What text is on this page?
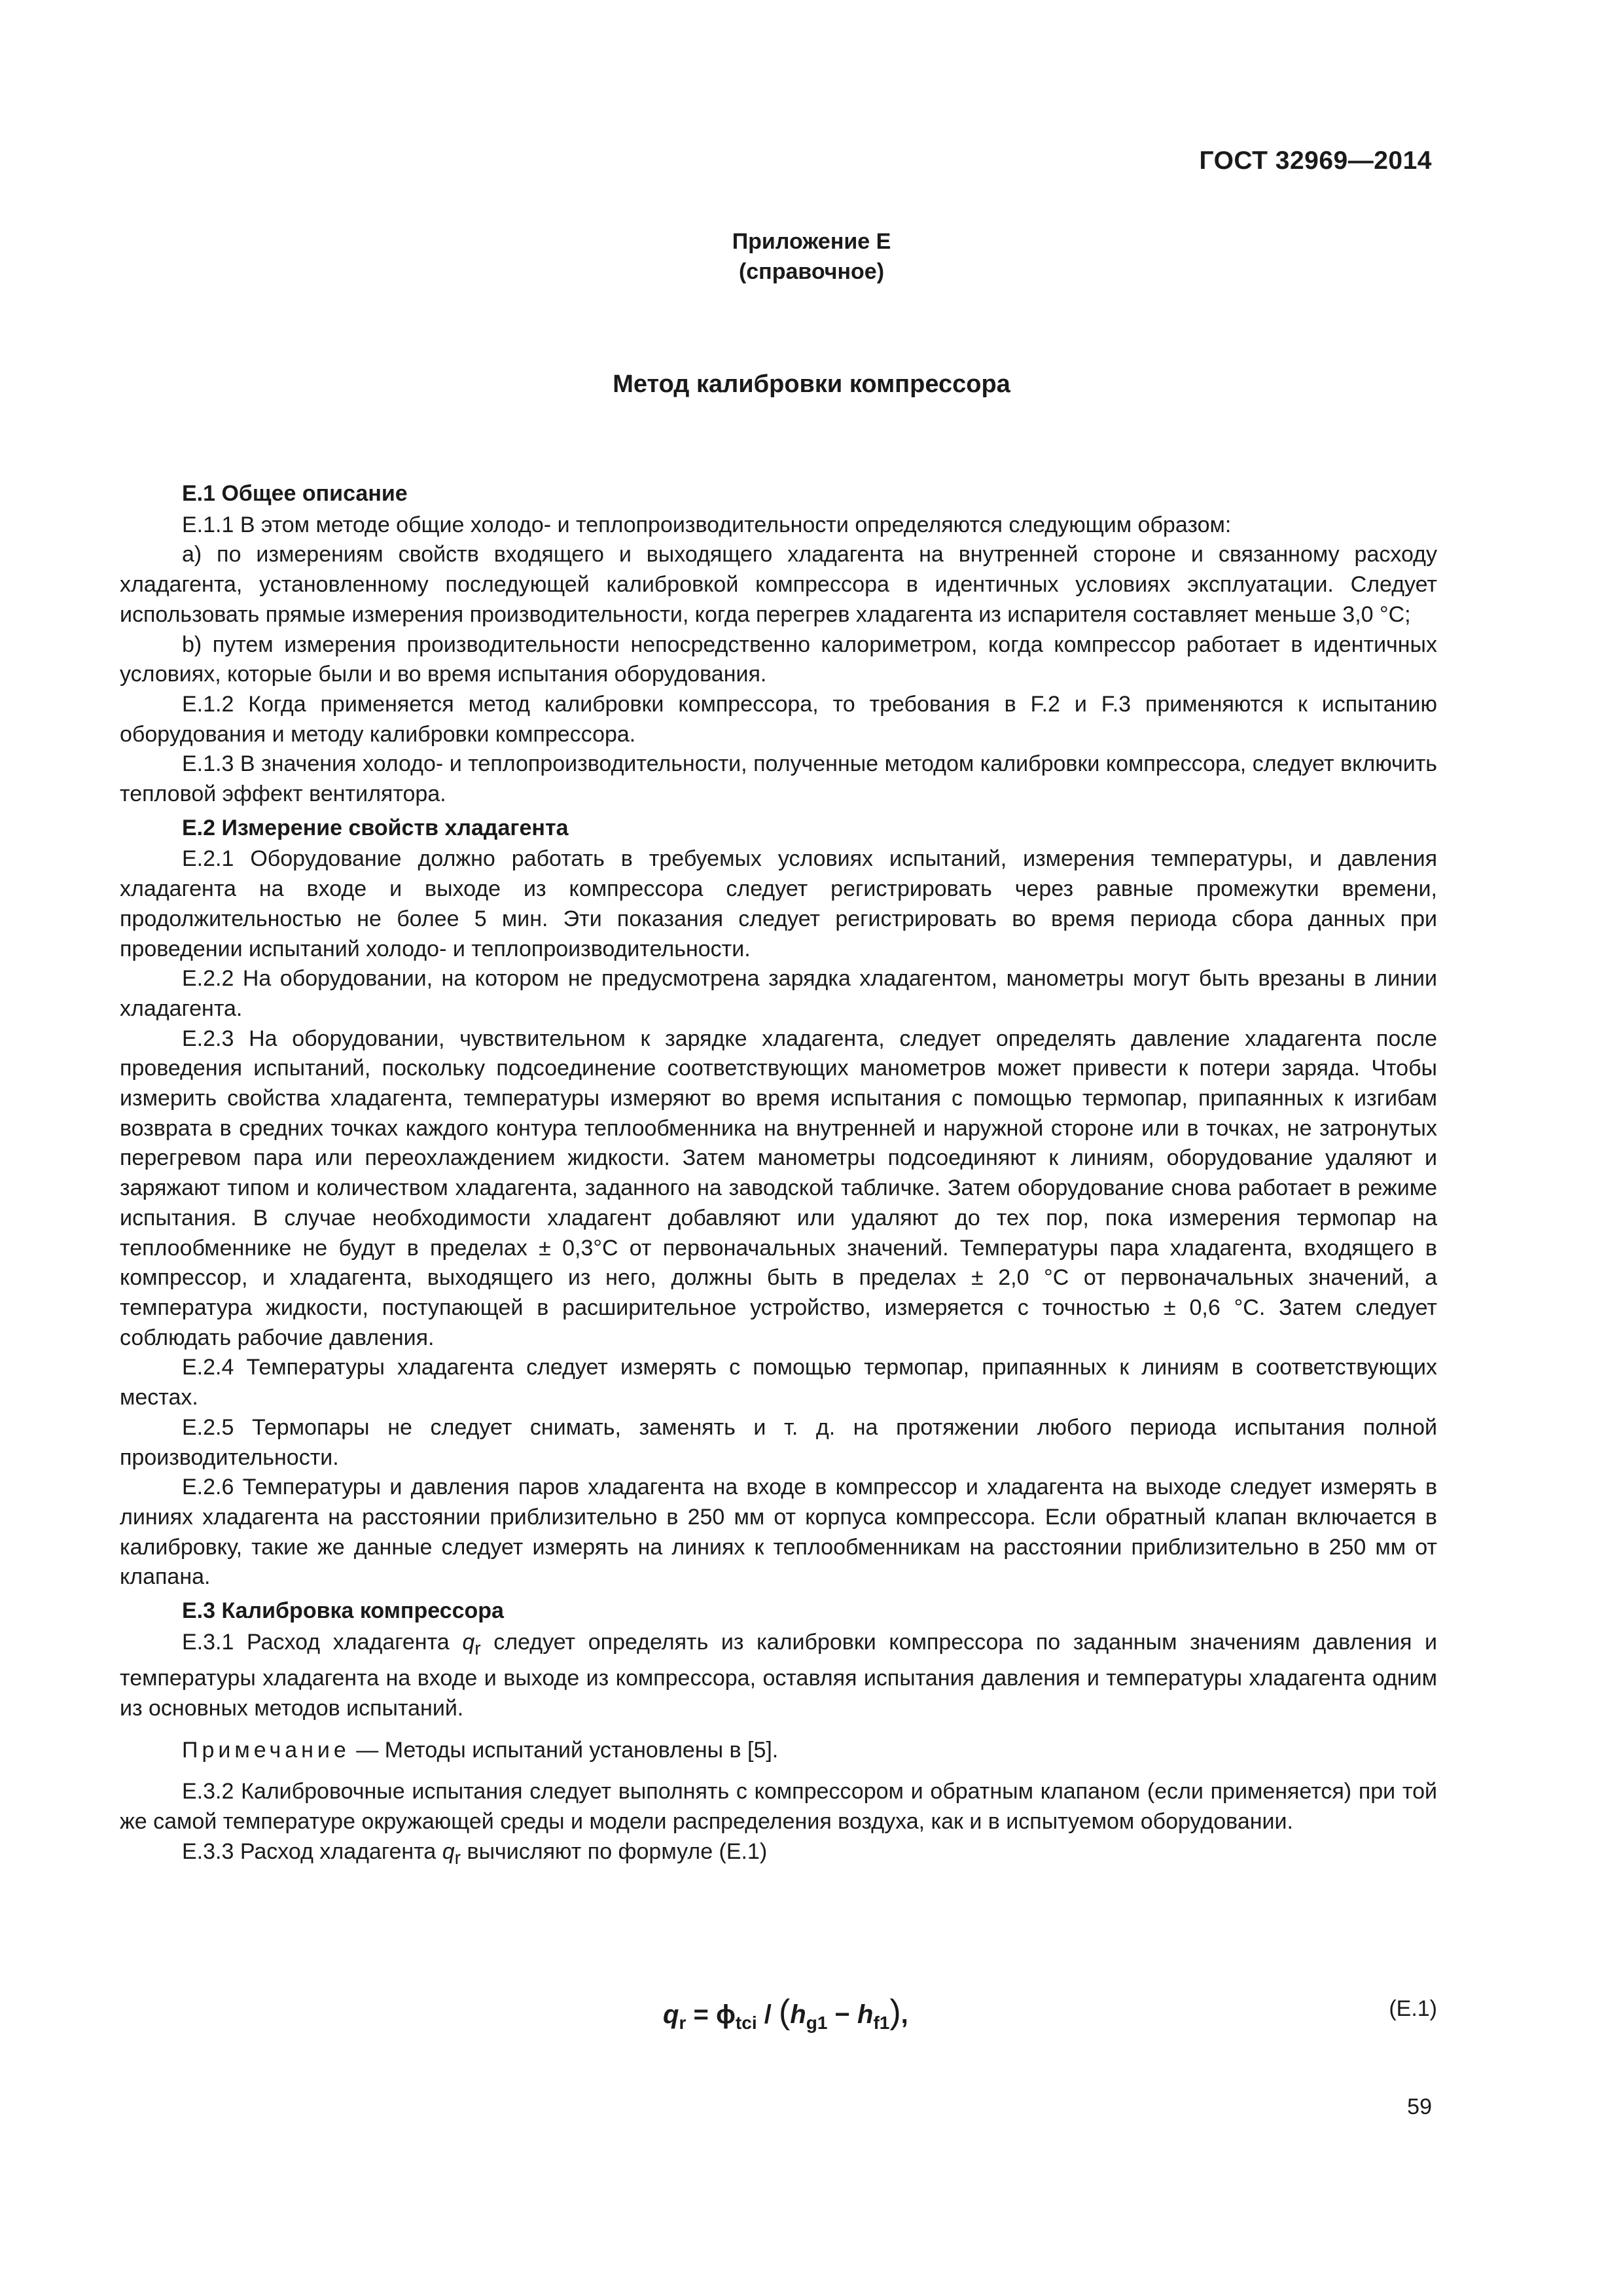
ГОСТ 32969—2014
Приложение Е
(справочное)
Метод калибровки компрессора
Е.1 Общее описание

Е.1.1 В этом методе общие холодо- и теплопроизводительности определяются следующим образом:

а) по измерениям свойств входящего и выходящего хладагента на внутренней стороне и связанному расходу хладагента, установленному последующей калибровкой компрессора в идентичных условиях эксплуатации. Следует использовать прямые измерения производительности, когда перегрев хладагента из испарителя составляет меньше 3,0 °С;

b) путем измерения производительности непосредственно калориметром, когда компрессор работает в идентичных условиях, которые были и во время испытания оборудования.

Е.1.2 Когда применяется метод калибровки компрессора, то требования в F.2 и F.3 применяются к испытанию оборудования и методу калибровки компрессора.

Е.1.3 В значения холодо- и теплопроизводительности, полученные методом калибровки компрессора, следует включить тепловой эффект вентилятора.

Е.2 Измерение свойств хладагента

Е.2.1 Оборудование должно работать в требуемых условиях испытаний, измерения температуры, и давления хладагента на входе и выходе из компрессора следует регистрировать через равные промежутки времени, продолжительностью не более 5 мин. Эти показания следует регистрировать во время периода сбора данных при проведении испытаний холодо- и теплопроизводительности.

Е.2.2 На оборудовании, на котором не предусмотрена зарядка хладагентом, манометры могут быть врезаны в линии хладагента.

Е.2.3 На оборудовании, чувствительном к зарядке хладагента, следует определять давление хладагента после проведения испытаний, поскольку подсоединение соответствующих манометров может привести к потери заряда. Чтобы измерить свойства хладагента, температуры измеряют во время испытания с помощью термопар, припаянных к изгибам возврата в средних точках каждого контура теплообменника на внутренней и наружной стороне или в точках, не затронутых перегревом пара или переохлаждением жидкости. Затем манометры подсоединяют к линиям, оборудование удаляют и заряжают типом и количеством хладагента, заданного на заводской табличке. Затем оборудование снова работает в режиме испытания. В случае необходимости хладагент добавляют или удаляют до тех пор, пока измерения термопар на теплообменнике не будут в пределах ± 0,3°С от первоначальных значений. Температуры пара хладагента, входящего в компрессор, и хладагента, выходящего из него, должны быть в пределах ± 2,0 °С от первоначальных значений, а температура жидкости, поступающей в расширительное устройство, измеряется с точностью ± 0,6 °С. Затем следует соблюдать рабочие давления.

Е.2.4 Температуры хладагента следует измерять с помощью термопар, припаянных к линиям в соответствующих местах.

Е.2.5 Термопары не следует снимать, заменять и т. д. на протяжении любого периода испытания полной производительности.

Е.2.6 Температуры и давления паров хладагента на входе в компрессор и хладагента на выходе следует измерять в линиях хладагента на расстоянии приблизительно в 250 мм от корпуса компрессора. Если обратный клапан включается в калибровку, такие же данные следует измерять на линиях к теплообменникам на расстоянии приблизительно в 250 мм от клапана.

Е.3 Калибровка компрессора

Е.3.1 Расход хладагента $q_r$ следует определять из калибровки компрессора по заданным значениям давления и температуры хладагента на входе и выходе из компрессора, оставляя испытания давления и температуры хладагента одним из основных методов испытаний.

Примечание — Методы испытаний установлены в [5].

Е.3.2 Калибровочные испытания следует выполнять с компрессором и обратным клапаном (если применяется) при той же самой температуре окружающей среды и модели распределения воздуха, как и в испытуемом оборудовании.

Е.3.3 Расход хладагента $q_r$ вычисляют по формуле (Е.1)

$q_r = \phi_{tci} / (h_{g1} - h_{f1})$,	(Е.1)
59
